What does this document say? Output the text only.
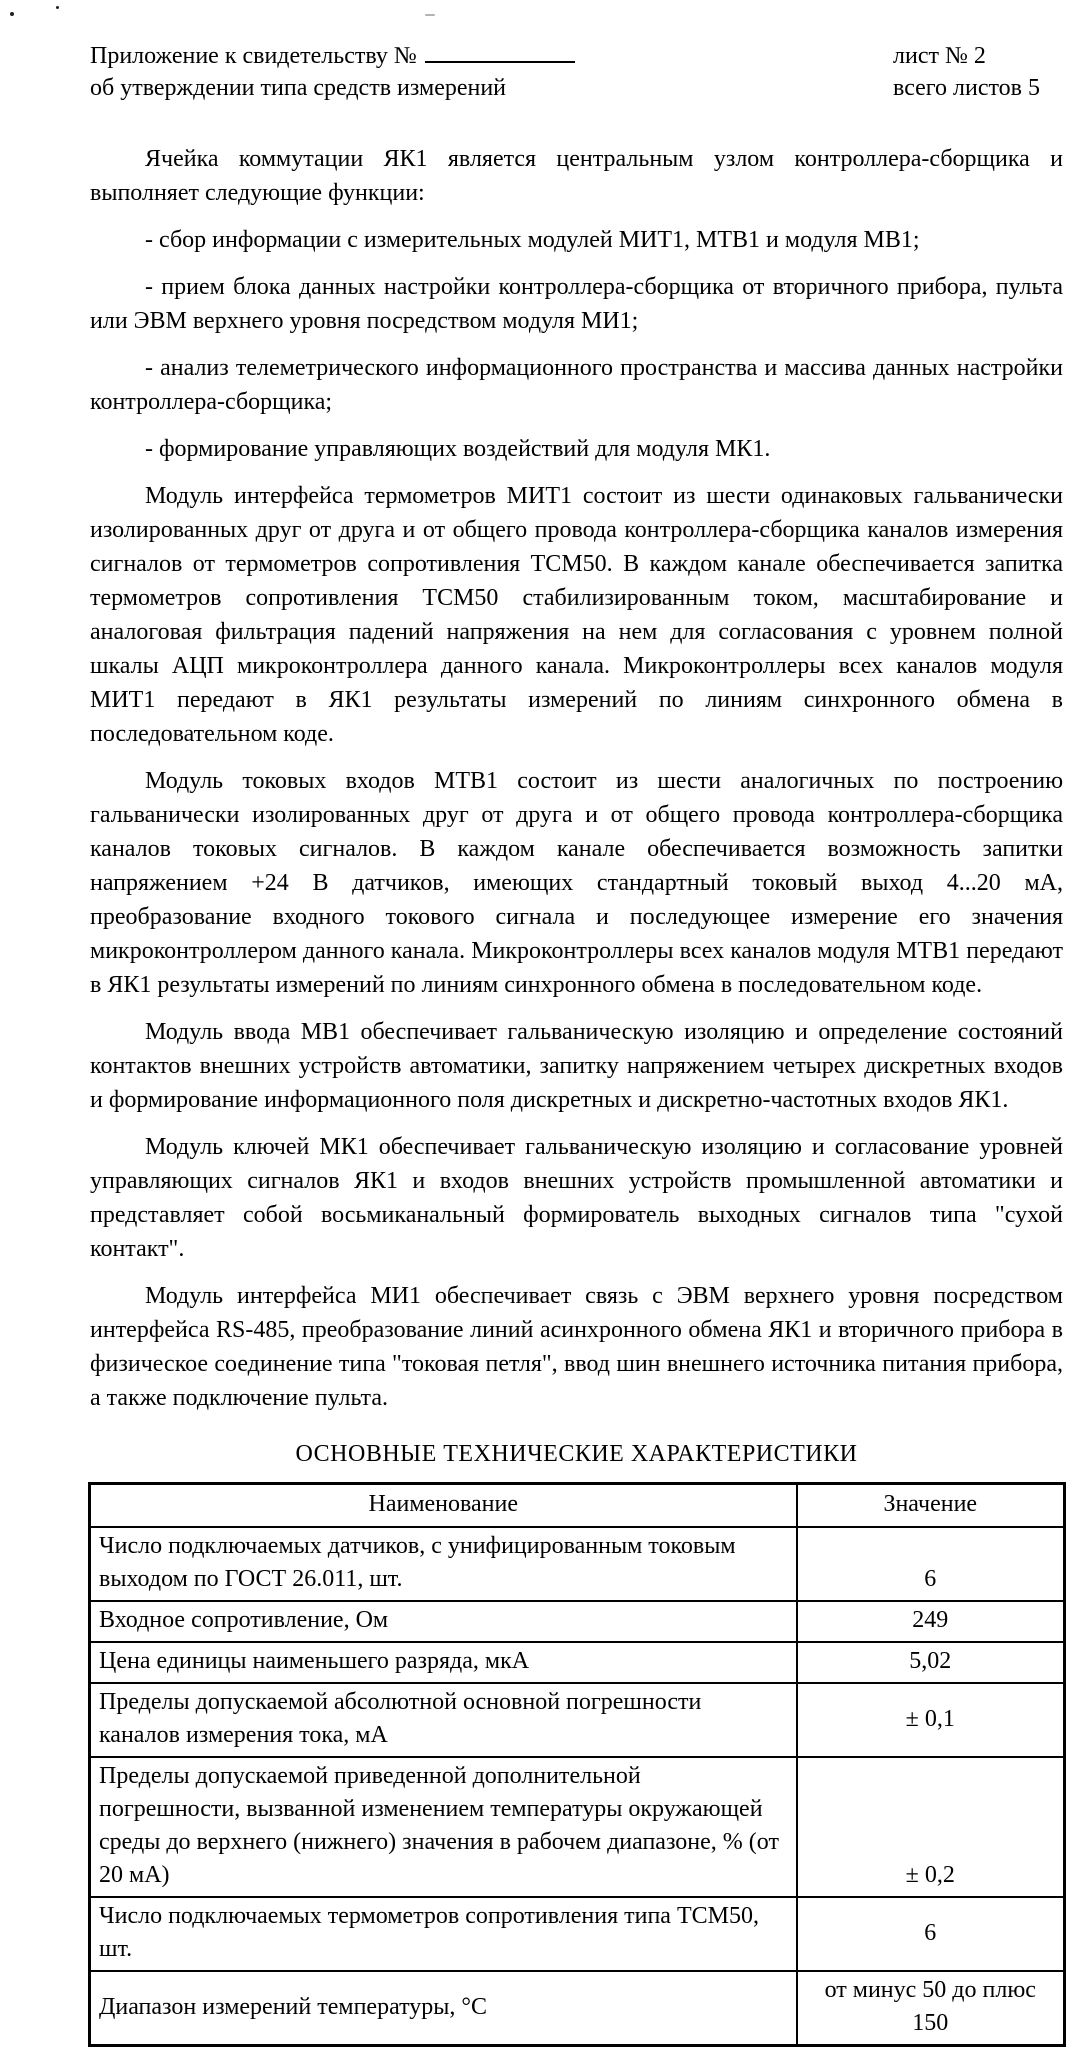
Приложение к свидетельству №
об утверждении типа средств измерений
лист № 2
всего листов 5

Ячейка коммутации ЯК1 является центральным узлом контроллера-сборщика и выполняет следующие функции:

- сбор информации с измерительных модулей МИТ1, МТВ1 и модуля МВ1;

- прием блока данных настройки контроллера-сборщика от вторичного прибора, пульта или ЭВМ верхнего уровня посредством модуля МИ1;

- анализ телеметрического информационного пространства и массива данных настройки контроллера-сборщика;

- формирование управляющих воздействий для модуля МК1.

Модуль интерфейса термометров МИТ1 состоит из шести одинаковых гальванически изолированных друг от друга и от общего провода контроллера-сборщика каналов измерения сигналов от термометров сопротивления ТСМ50. В каждом канале обеспечивается запитка термометров сопротивления ТСМ50 стабилизированным током, масштабирование и аналоговая фильтрация падений напряжения на нем для согласования с уровнем полной шкалы АЦП микроконтроллера данного канала. Микроконтроллеры всех каналов модуля МИТ1 передают в ЯК1 результаты измерений по линиям синхронного обмена в последовательном коде.

Модуль токовых входов МТВ1 состоит из шести аналогичных по построению гальванически изолированных друг от друга и от общего провода контроллера-сборщика каналов токовых сигналов. В каждом канале обеспечивается возможность запитки напряжением +24 В датчиков, имеющих стандартный токовый выход 4...20 мА, преобразование входного токового сигнала и последующее измерение его значения микроконтроллером данного канала. Микроконтроллеры всех каналов модуля МТВ1 передают в ЯК1 результаты измерений по линиям синхронного обмена в последовательном коде.

Модуль ввода МВ1 обеспечивает гальваническую изоляцию и определение состояний контактов внешних устройств автоматики, запитку напряжением четырех дискретных входов и формирование информационного поля дискретных и дискретно-частотных входов ЯК1.

Модуль ключей МК1 обеспечивает гальваническую изоляцию и согласование уровней управляющих сигналов ЯК1 и входов внешних устройств промышленной автоматики и представляет собой восьмиканальный формирователь выходных сигналов типа "сухой контакт".

Модуль интерфейса МИ1 обеспечивает связь с ЭВМ верхнего уровня посредством интерфейса RS-485, преобразование линий асинхронного обмена ЯК1 и вторичного прибора в физическое соединение типа "токовая петля", ввод шин внешнего источника питания прибора, а также подключение пульта.

ОСНОВНЫЕ ТЕХНИЧЕСКИЕ ХАРАКТЕРИСТИКИ
Наименование	Значение
Число подключаемых датчиков, с унифицированным токовым выходом по ГОСТ 26.011, шт.	6
Входное сопротивление, Ом	249
Цена единицы наименьшего разряда, мкА	5,02
Пределы допускаемой абсолютной основной погрешности каналов измерения тока, мА	± 0,1
Пределы допускаемой приведенной дополнительной погрешности, вызванной изменением температуры окружающей среды до верхнего (нижнего) значения в рабочем диапазоне, % (от 20 мА)	± 0,2
Число подключаемых термометров сопротивления типа ТСМ50, шт.	6
Диапазон измерений температуры, °С	от минус 50 до плюс 150
